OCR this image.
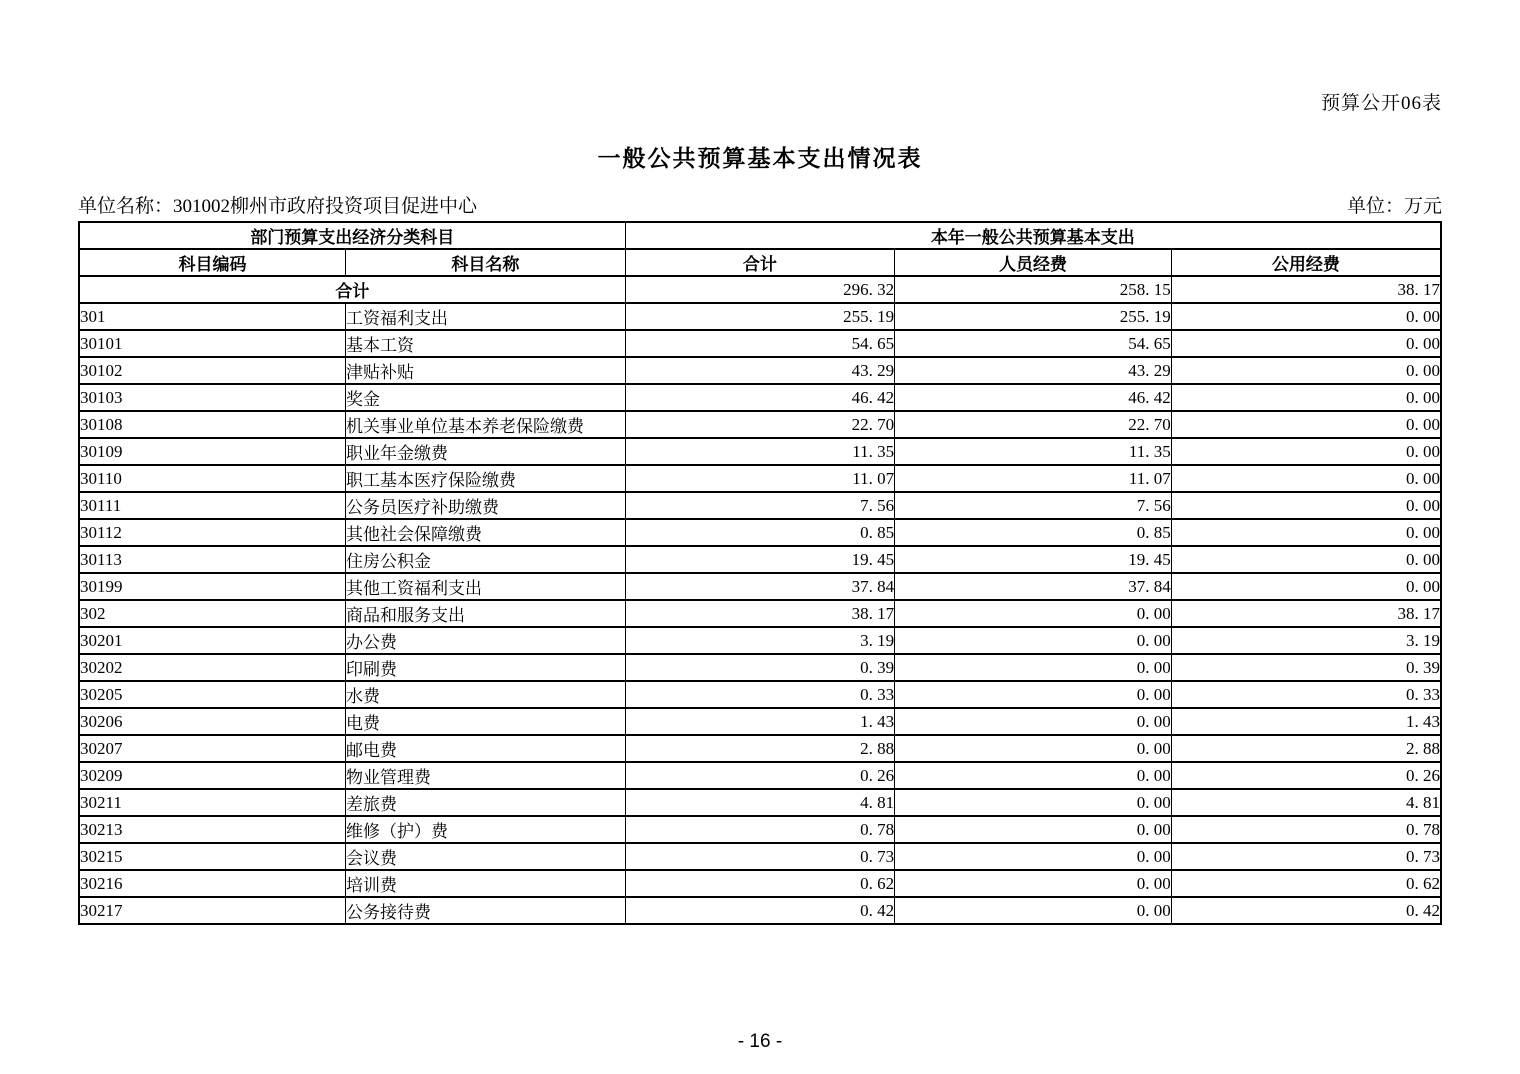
预算公开06表
一般公共预算基本支出情况表
单位名称：301002柳州市政府投资项目促进中心	单位：万元
部门预算支出经济分类科目		本年一般公共预算基本支出		
科目编码	科目名称	合计	人员经费	公用经费
合计		296. 32	258. 15	38. 17
301	工资福利支出	255. 19	255. 19	0. 00
30101	基本工资	54. 65	54. 65	0. 00
30102	津贴补贴	43. 29	43. 29	0. 00
30103	奖金	46. 42	46. 42	0. 00
30108	机关事业单位基本养老保险缴费	22. 70	22. 70	0. 00
30109	职业年金缴费	11. 35	11. 35	0. 00
30110	职工基本医疗保险缴费	11. 07	11. 07	0. 00
30111	公务员医疗补助缴费	7. 56	7. 56	0. 00
30112	其他社会保障缴费	0. 85	0. 85	0. 00
30113	住房公积金	19. 45	19. 45	0. 00
30199	其他工资福利支出	37. 84	37. 84	0. 00
302	商品和服务支出	38. 17	0. 00	38. 17
30201	办公费	3. 19	0. 00	3. 19
30202	印刷费	0. 39	0. 00	0. 39
30205	水费	0. 33	0. 00	0. 33
30206	电费	1. 43	0. 00	1. 43
30207	邮电费	2. 88	0. 00	2. 88
30209	物业管理费	0. 26	0. 00	0. 26
30211	差旅费	4. 81	0. 00	4. 81
30213	维修（护）费	0. 78	0. 00	0. 78
30215	会议费	0. 73	0. 00	0. 73
30216	培训费	0. 62	0. 00	0. 62
30217	公务接待费	0. 42	0. 00	0. 42
- 16 -
